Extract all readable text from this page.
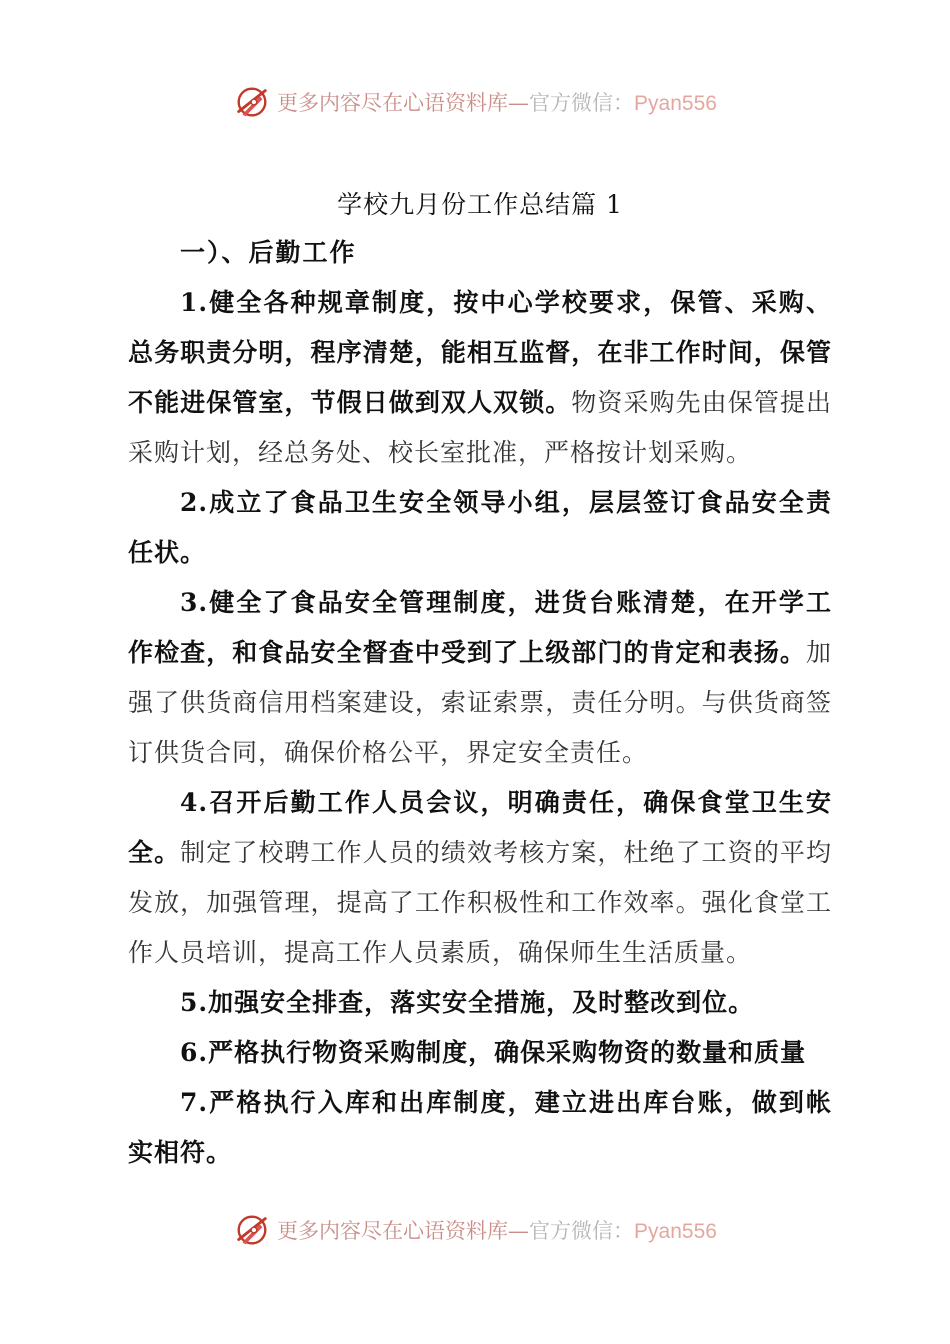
更多内容尽在心语资料库—官方微信：Pyan556
学校九月份工作总结篇 1
一）、后勤工作
1.健全各种规章制度，按中心学校要求，保管、采购、总务职责分明，程序清楚，能相互监督，在非工作时间，保管不能进保管室，节假日做到双人双锁。物资采购先由保管提出采购计划，经总务处、校长室批准，严格按计划采购。
2.成立了食品卫生安全领导小组，层层签订食品安全责任状。
3.健全了食品安全管理制度，进货台账清楚，在开学工作检查，和食品安全督查中受到了上级部门的肯定和表扬。加强了供货商信用档案建设，索证索票，责任分明。与供货商签订供货合同，确保价格公平，界定安全责任。
4.召开后勤工作人员会议，明确责任，确保食堂卫生安全。制定了校聘工作人员的绩效考核方案，杜绝了工资的平均发放，加强管理，提高了工作积极性和工作效率。强化食堂工作人员培训，提高工作人员素质，确保师生生活质量。
5.加强安全排查，落实安全措施，及时整改到位。
6.严格执行物资采购制度，确保采购物资的数量和质量
7.严格执行入库和出库制度，建立进出库台账，做到帐实相符。
更多内容尽在心语资料库—官方微信：Pyan556
